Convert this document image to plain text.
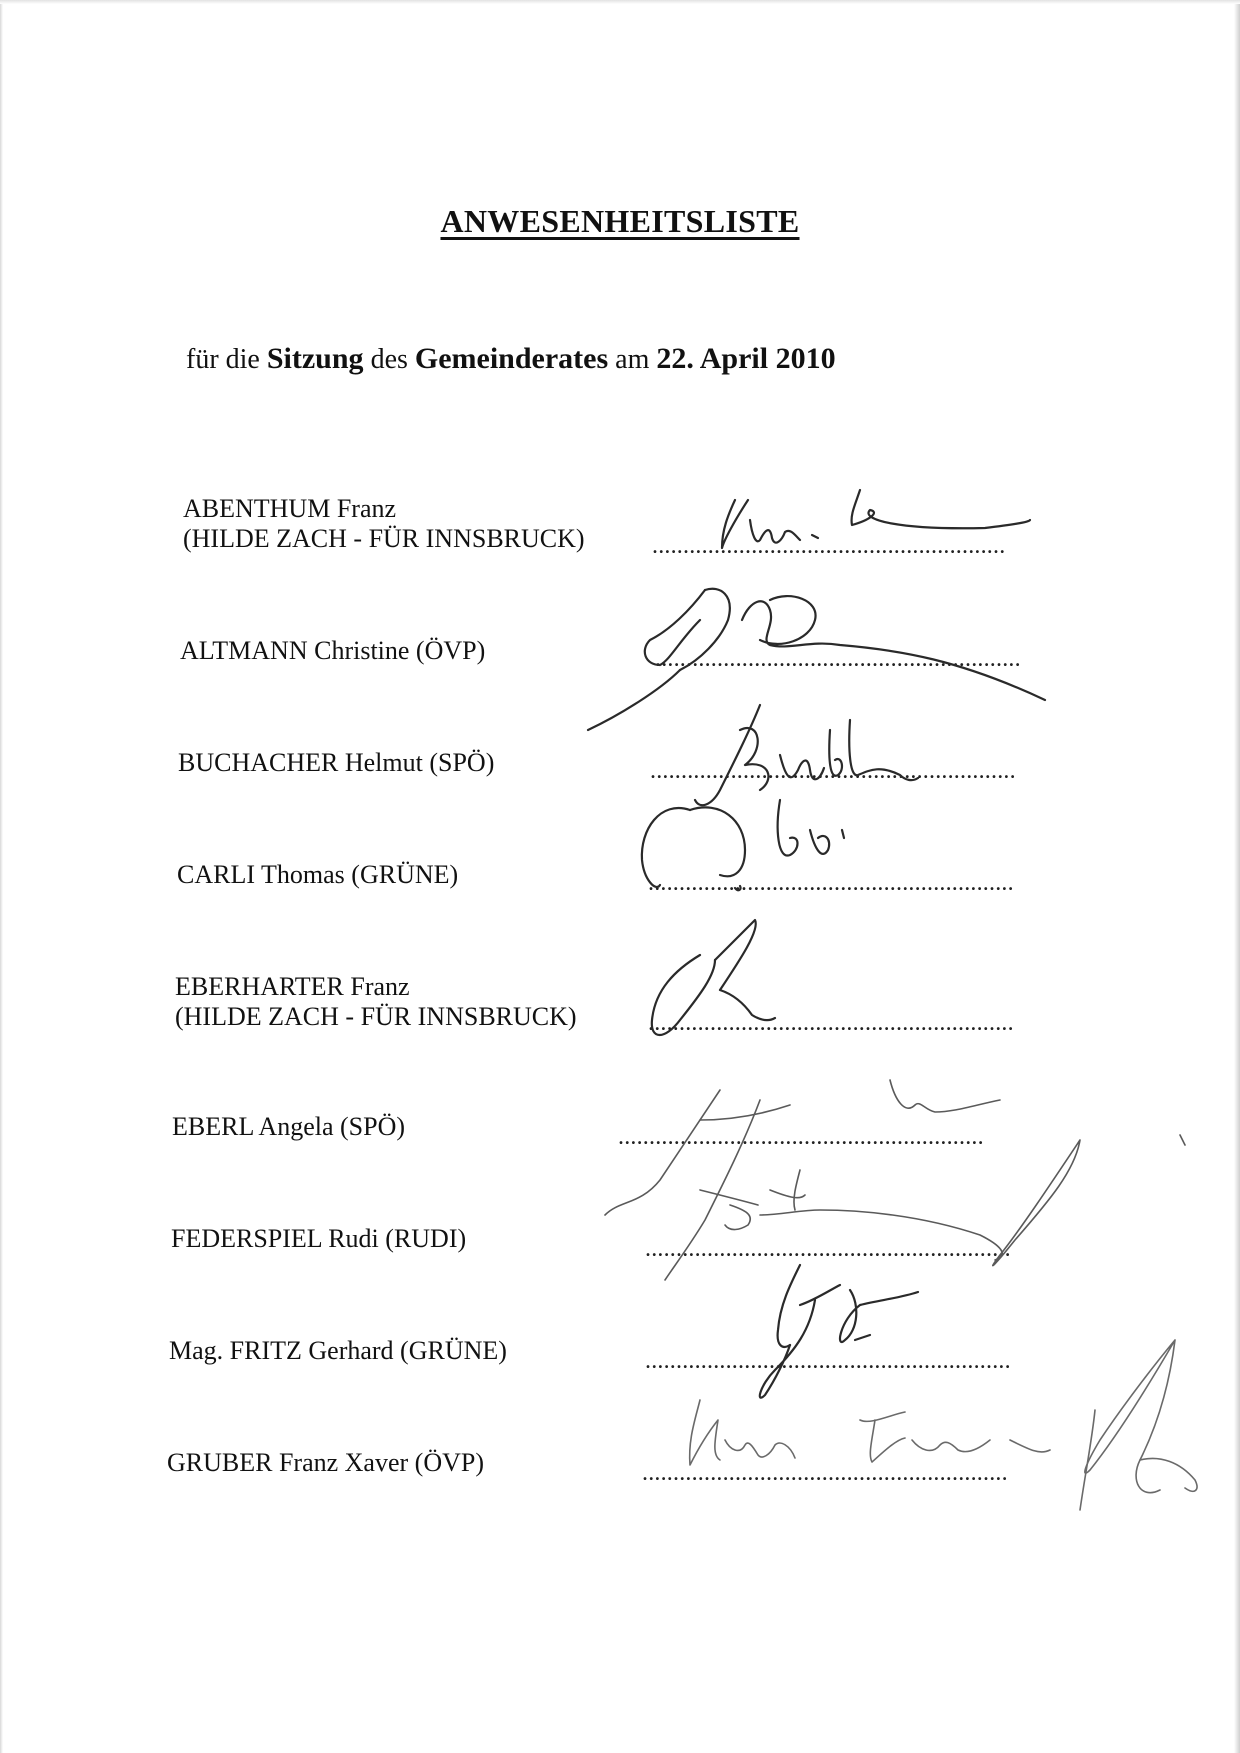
ANWESENHEITSLISTE
für die Sitzung des Gemeinderates am 22. April 2010
ABENTHUM Franz
(HILDE ZACH - FÜR INNSBRUCK)	.........................................................
ALTMANN Christine (ÖVP)	...........................................................
BUCHACHER Helmut (SPÖ)	...........................................................
CARLI Thomas (GRÜNE)	...........................................................
EBERHARTER Franz
(HILDE ZACH - FÜR INNSBRUCK)	...........................................................
EBERL Angela (SPÖ)	...........................................................
FEDERSPIEL Rudi (RUDI)	...........................................................
Mag. FRITZ Gerhard (GRÜNE)	...........................................................
GRUBER Franz Xaver (ÖVP)	...........................................................
